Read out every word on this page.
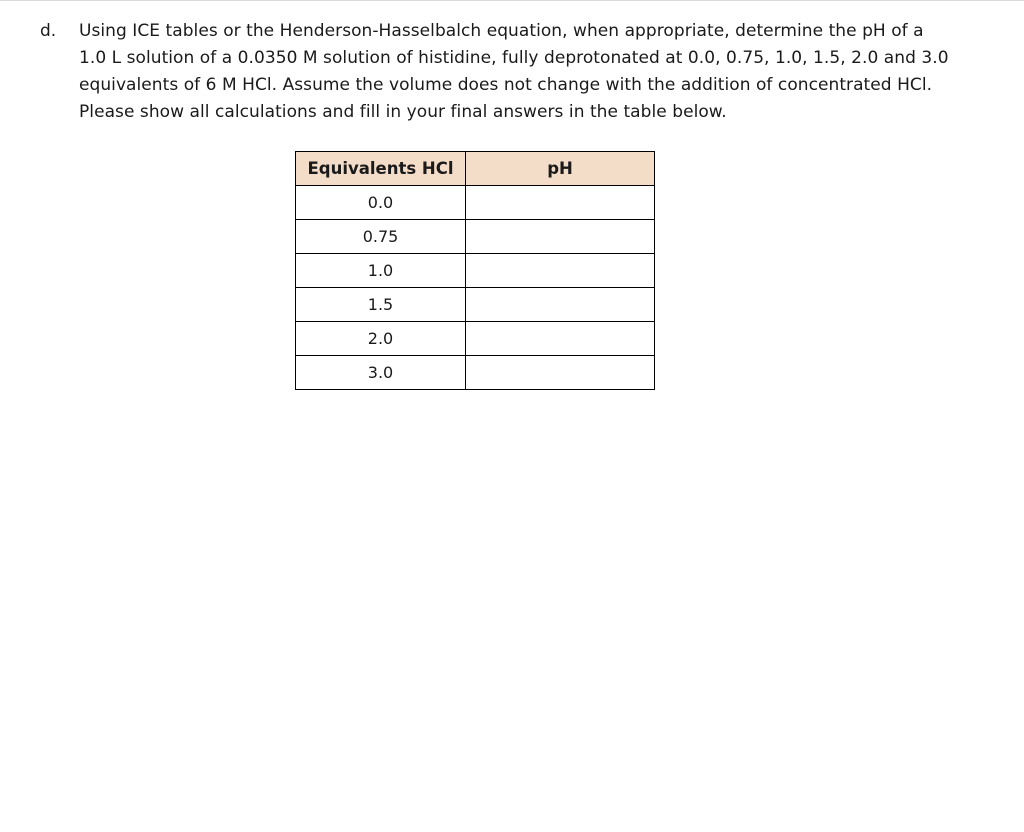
d. Using ICE tables or the Henderson-Hasselbalch equation, when appropriate, determine the pH of a
1.0 L solution of a 0.0350 M solution of histidine, fully deprotonated at 0.0, 0.75, 1.0, 1.5, 2.0 and 3.0
equivalents of 6 M HCl. Assume the volume does not change with the addition of concentrated HCl.
Please show all calculations and fill in your final answers in the table below.
Equivalents HCl	pH
0.0	
0.75	
1.0	
1.5	
2.0	
3.0	
